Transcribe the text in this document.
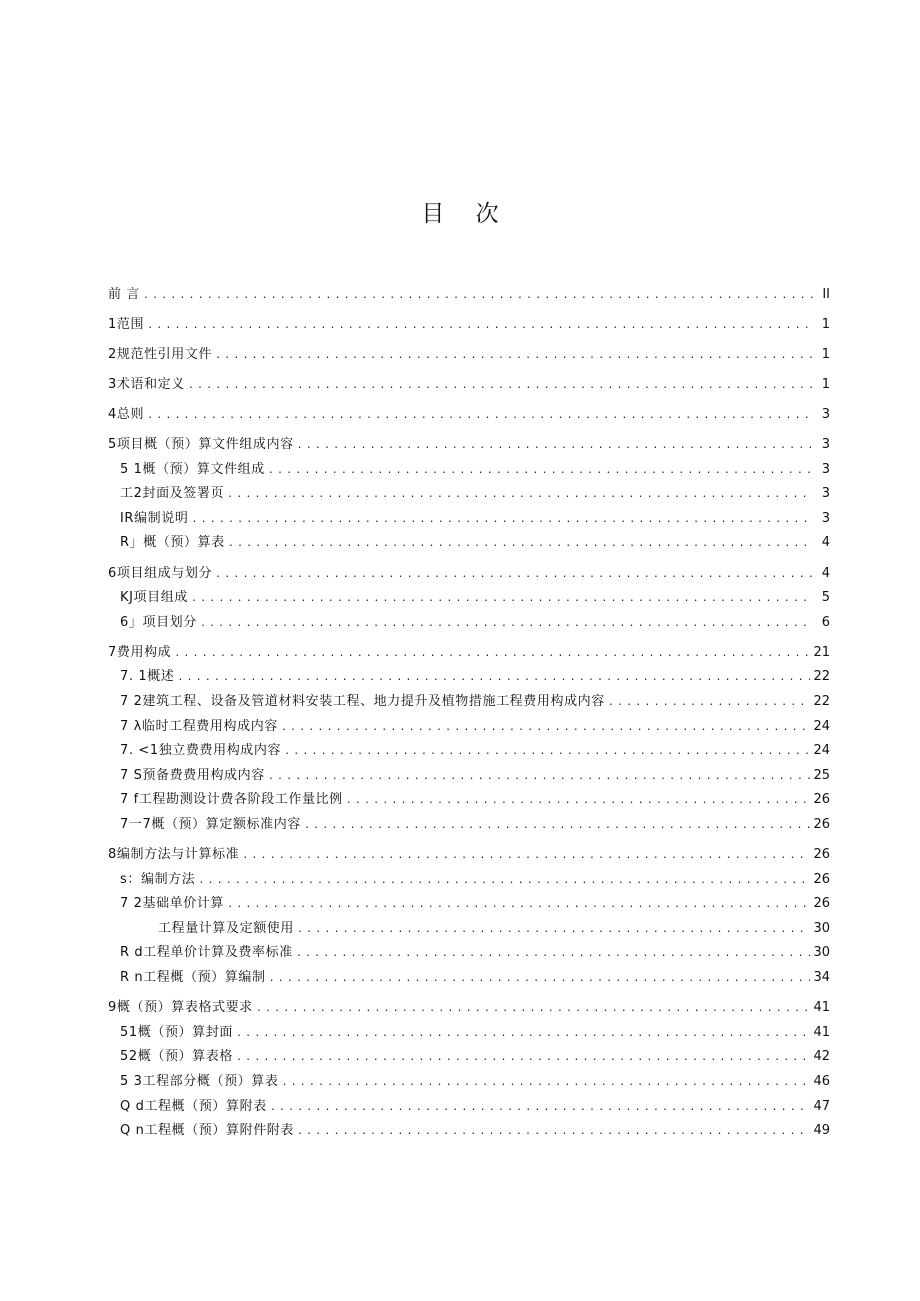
目 次
前 言 .....	II
1范围 .....	1
2规范性引用文件 .....	1
3术语和定义 .....	1
4总则 .....	3
5项目概（预）算文件组成内容 .....	3
5 1概（预）算文件组成 .....	3
工2封面及签署页 .....	3
IR编制说明 .....	3
R」概（预）算表 .....	4
6项目组成与划分 .....	4
KJ项目组成 .....	5
6」项目划分 .....	6
7费用构成 .....	21
7. 1概述 .....	22
7 2建筑工程、设备及管道材料安装工程、地力提升及植物措施工程费用构成内容 .....	22
7 λ临时工程费用构成内容 .....	24
7. <1独立费费用构成内容 .....	24
7 S预备费费用构成内容 .....	25
7 f工程勘测设计费各阶段工作量比例 .....	26
7一7概（预）算定额标准内容 .....	26
8编制方法与计算标准 .....	26
s：编制方法 .....	26
7 2基础单价计算 .....	26
工程量计算及定额使用 .....	30
R d工程单价计算及费率标准 .....	30
R n工程概（预）算编制 .....	34
9概（预）算表格式要求 .....	41
51概（预）算封面 .....	41
52概（预）算表格 .....	42
5 3工程部分概（预）算表 .....	46
Q d工程概（预）算附表 .....	47
Q n工程概（预）算附件附表 .....	49
